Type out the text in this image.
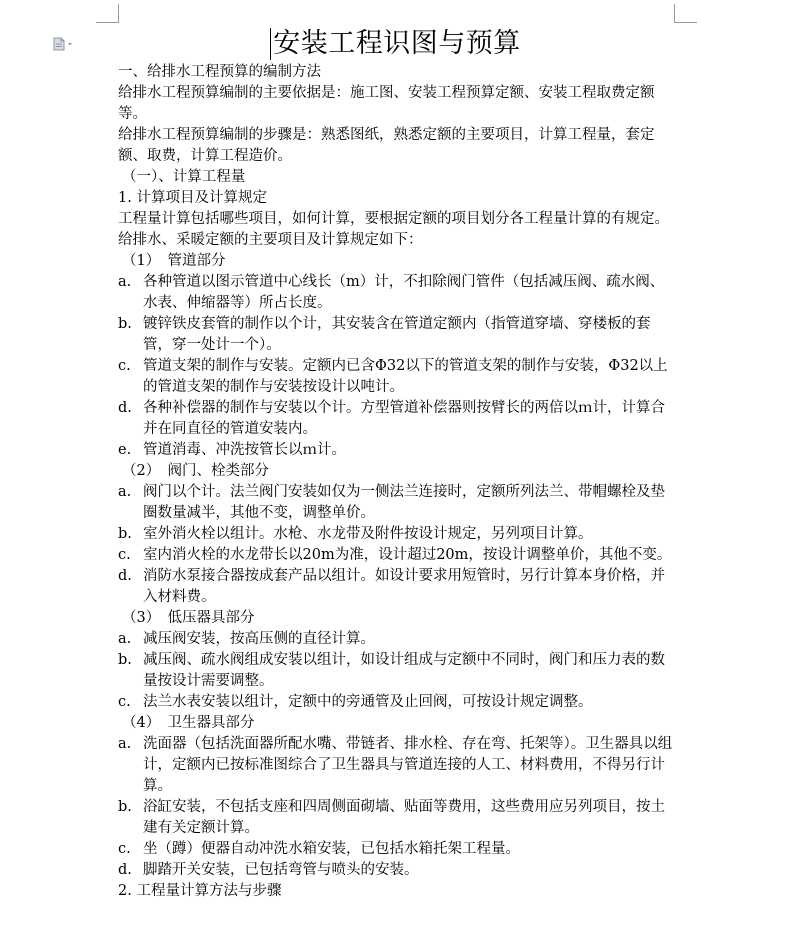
安装工程识图与预算

一、给排水工程预算的编制方法

给排水工程预算编制的主要依据是：施工图、安装工程预算定额、安装工程取费定额等。

给排水工程预算编制的步骤是：熟悉图纸，熟悉定额的主要项目，计算工程量，套定额、取费，计算工程造价。

（一）、计算工程量

1. 计算项目及计算规定

工程量计算包括哪些项目，如何计算，要根据定额的项目划分各工程量计算的有规定。

给排水、采暖定额的主要项目及计算规定如下：

（1）　管道部分

a. 各种管道以图示管道中心线长（m）计，不扣除阀门管件（包括减压阀、疏水阀、水表、伸缩器等）所占长度。

b. 镀锌铁皮套管的制作以个计，其安装含在管道定额内（指管道穿墙、穿楼板的套管，穿一处计一个）。

c. 管道支架的制作与安装。定额内已含Φ32以下的管道支架的制作与安装，Φ32以上的管道支架的制作与安装按设计以吨计。

d. 各种补偿器的制作与安装以个计。方型管道补偿器则按臂长的两倍以ｍ计，计算合并在同直径的管道安装内。

e. 管道消毒、冲洗按管长以ｍ计。

（2）　阀门、栓类部分

a. 阀门以个计。法兰阀门安装如仅为一侧法兰连接时，定额所列法兰、带帽螺栓及垫圈数量减半，其他不变，调整单价。

b. 室外消火栓以组计。水枪、水龙带及附件按设计规定，另列项目计算。

c. 室内消火栓的水龙带长以20m为准，设计超过20m，按设计调整单价，其他不变。

d. 消防水泵接合器按成套产品以组计。如设计要求用短管时，另行计算本身价格，并入材料费。

（3）　低压器具部分

a. 减压阀安装，按高压侧的直径计算。

b. 减压阀、疏水阀组成安装以组计，如设计组成与定额中不同时，阀门和压力表的数量按设计需要调整。

c. 法兰水表安装以组计，定额中的旁通管及止回阀，可按设计规定调整。

（4）　卫生器具部分

a. 洗面器（包括洗面器所配水嘴、带链者、排水栓、存在弯、托架等）。卫生器具以组计，定额内已按标准图综合了卫生器具与管道连接的人工、材料费用，不得另行计算。

b. 浴缸安装，不包括支座和四周侧面砌墙、贴面等费用，这些费用应另列项目，按土建有关定额计算。

c. 坐（蹲）便器自动冲洗水箱安装，已包括水箱托架工程量。

d. 脚踏开关安装，已包括弯管与喷头的安装。

2. 工程量计算方法与步骤
